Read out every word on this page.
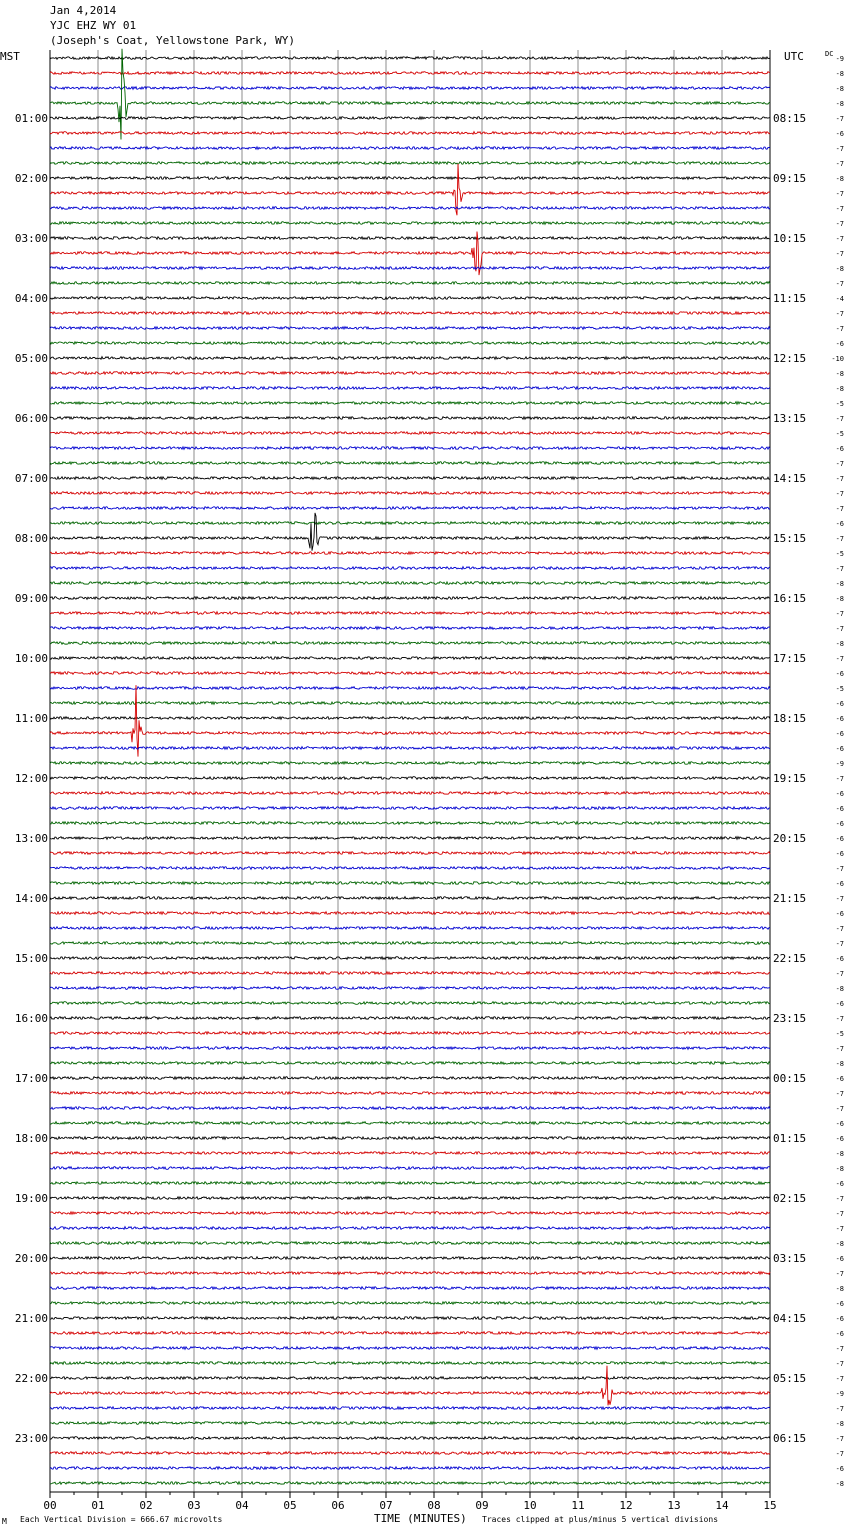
Jan 4,2014
YJC EHZ WY 01
(Joseph's Coat, Yellowstone Park, WY)
MST	UTC
00	01	02	03	04	05	06	07	08	09	10	11	12	13	14	15
-9
-8
-8
-8
-7
-6
-7
-7
-8
-7
-7
-7
-7
-7
-8
-7
-4
-7
-7
-6
-10
-8
-8
-5
-7
-5
-6
-7
-7
-7
-7
-6
-7
-5
-7
-8
-8
-7
-7
-8
-7
-6
-5
-6
-6
-6
-6
-9
-7
-6
-6
-6
-6
-6
-7
-6
-7
-6
-7
-7
-6
-7
-8
-6
-7
-5
-7
-8
-6
-7
-7
-6
-6
-8
-8
-6
-7
-7
-7
-8
-6
-7
-8
-6
-6
-6
-7
-7
-7
-9
-7
-8
-7
-7
-6
-8
DC
01:00
02:00
03:00
04:00
05:00
06:00
07:00
08:00
09:00
10:00
11:00
12:00
13:00
14:00
15:00
16:00
17:00
18:00
19:00
20:00
21:00
22:00
23:00
08:15
09:15
10:15
11:15
12:15
13:15
14:15
15:15
16:15
17:15
18:15
19:15
20:15
21:15
22:15
23:15
00:15
01:15
02:15
03:15
04:15
05:15
06:15
M Each Vertical Division = 666.67 microvolts	TIME (MINUTES) Traces clipped at plus/minus 5 vertical divisions
